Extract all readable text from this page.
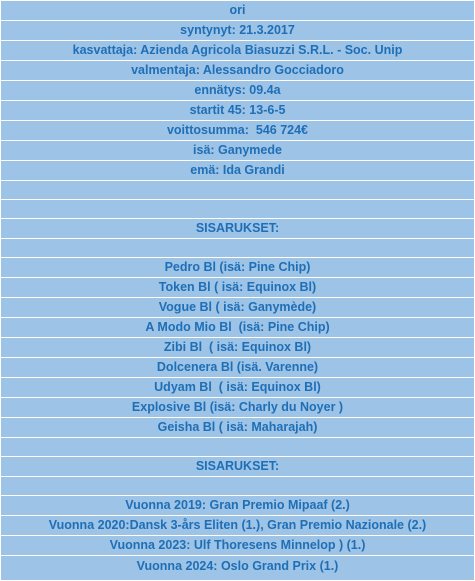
ori
syntynyt: 21.3.2017
kasvattaja: Azienda Agricola Biasuzzi S.R.L. - Soc. Unip
valmentaja: Alessandro Gocciadoro
ennätys: 09.4a
startit 45: 13-6-5
voittosumma:  546 724€
isä: Ganymede
emä: Ida Grandi
SISARUKSET:
Pedro Bl (isä: Pine Chip)
Token Bl ( isä: Equinox Bl)
Vogue Bl ( isä: Ganymède)
A Modo Mio Bl  (isä: Pine Chip)
Zibi Bl  ( isä: Equinox Bl)
Dolcenera Bl (isä. Varenne)
Udyam Bl  ( isä: Equinox Bl)
Explosive Bl (isä: Charly du Noyer )
Geisha Bl ( isä: Maharajah)
SISARUKSET:
Vuonna 2019: Gran Premio Mipaaf (2.)
Vuonna 2020:Dansk 3-års Eliten (1.), Gran Premio Nazionale (2.)
Vuonna 2023: Ulf Thoresens Minnelop ) (1.)
Vuonna 2024: Oslo Grand Prix (1.)
